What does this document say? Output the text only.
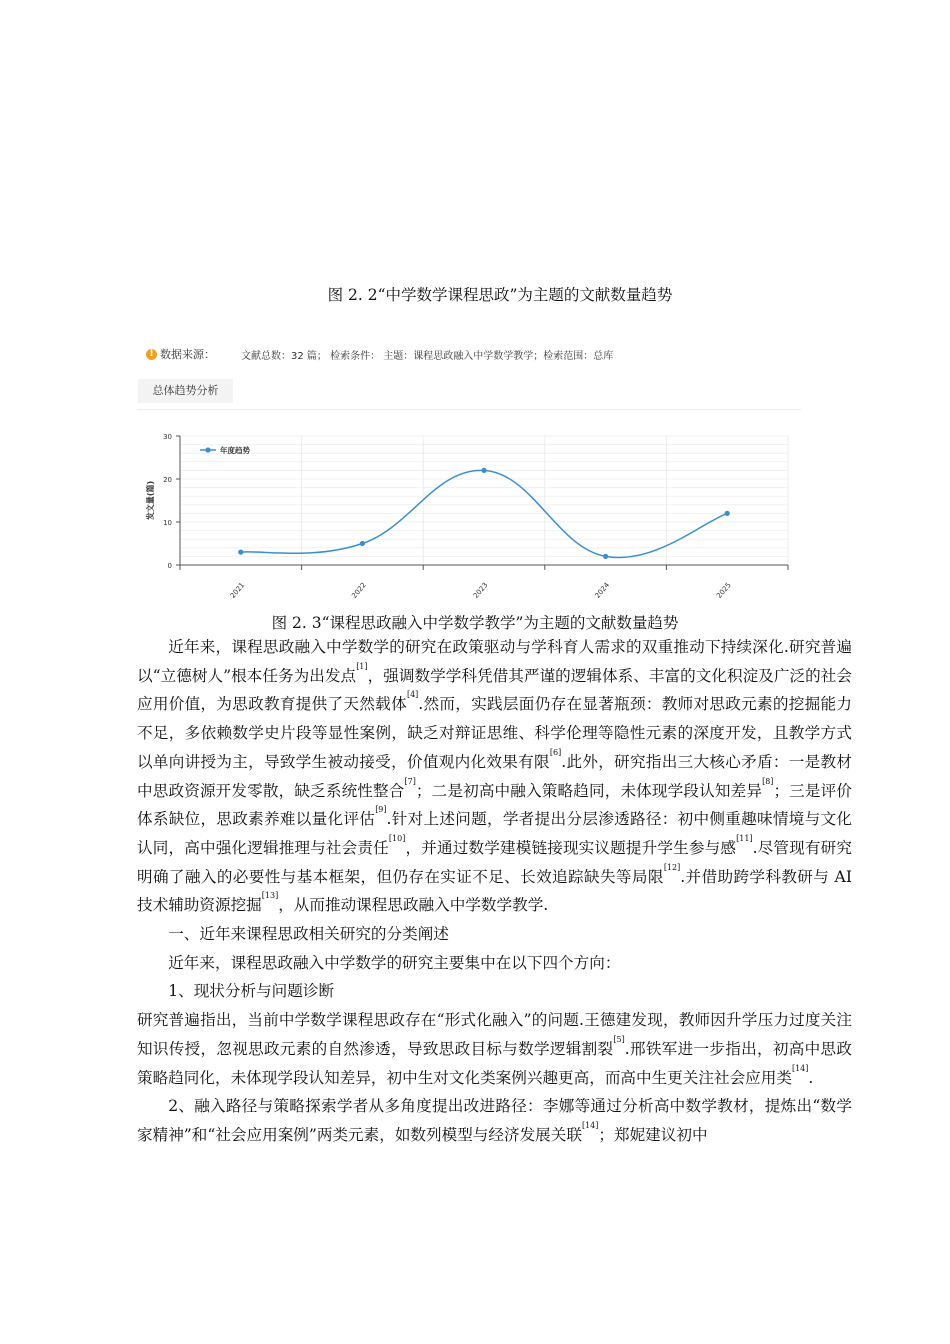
图 2. 2“中学数学课程思政”为主题的文献数量趋势
! 数据来源：	文献总数：32 篇； 检索条件： 主题：课程思政融入中学数学教学；检索范围：总库
总体趋势分析
0
10
20
30
2021	2022	2023	2024	2025
发文量(篇)
年度趋势
图 2. 3“课程思政融入中学数学教学”为主题的文献数量趋势

近年来，课程思政融入中学数学的研究在政策驱动与学科育人需求的双重推动下持续深化.研究普遍以“立德树人”根本任务为出发点[1]，强调数学学科凭借其严谨的逻辑体系、丰富的文化积淀及广泛的社会应用价值，为思政教育提供了天然载体[4].然而，实践层面仍存在显著瓶颈：教师对思政元素的挖掘能力不足，多依赖数学史片段等显性案例，缺乏对辩证思维、科学伦理等隐性元素的深度开发，且教学方式以单向讲授为主，导致学生被动接受，价值观内化效果有限[6].此外，研究指出三大核心矛盾：一是教材中思政资源开发零散，缺乏系统性整合[7]；二是初高中融入策略趋同，未体现学段认知差异[8]；三是评价体系缺位，思政素养难以量化评估[9].针对上述问题，学者提出分层渗透路径：初中侧重趣味情境与文化认同，高中强化逻辑推理与社会责任[10]，并通过数学建模链接现实议题提升学生参与感[11].尽管现有研究明确了融入的必要性与基本框架，但仍存在实证不足、长效追踪缺失等局限[12].并借助跨学科教研与 AI 技术辅助资源挖掘[13]，从而推动课程思政融入中学数学教学.

一、近年来课程思政相关研究的分类阐述

近年来，课程思政融入中学数学的研究主要集中在以下四个方向：

1、现状分析与问题诊断

研究普遍指出，当前中学数学课程思政存在“形式化融入”的问题.王德建发现，教师因升学压力过度关注知识传授，忽视思政元素的自然渗透，导致思政目标与数学逻辑割裂[5].邢铁军进一步指出，初高中思政策略趋同化，未体现学段认知差异，初中生对文化类案例兴趣更高，而高中生更关注社会应用类[14].

2、融入路径与策略探索学者从多角度提出改进路径：李娜等通过分析高中数学教材，提炼出“数学家精神”和“社会应用案例”两类元素，如数列模型与经济发展关联[14]；郑妮建议初中
